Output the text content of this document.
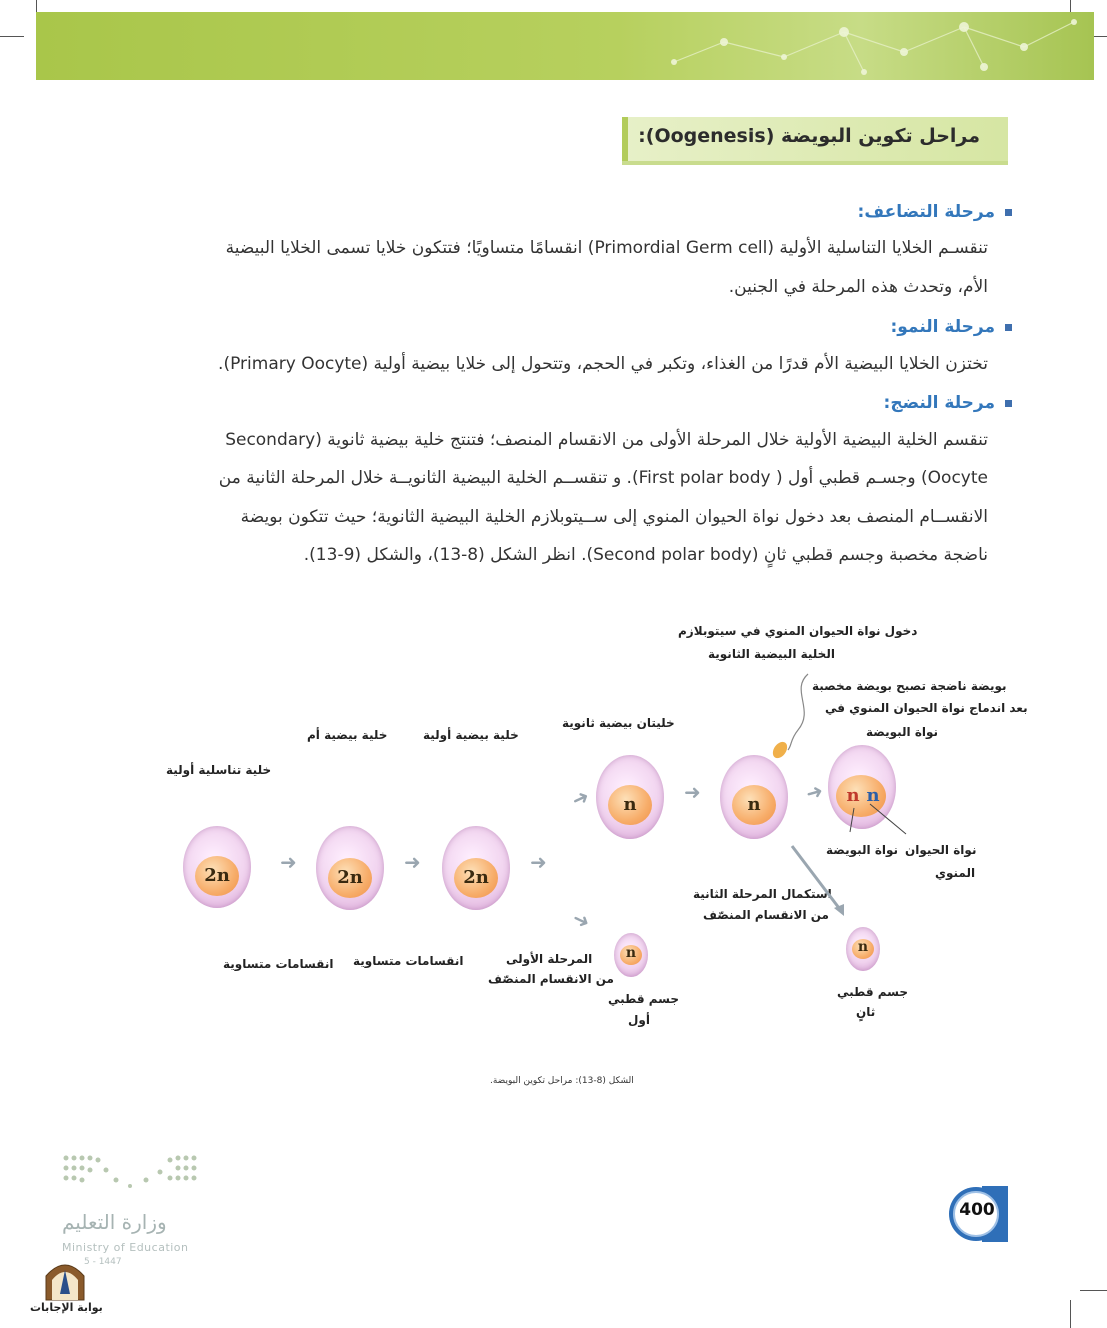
مراحل تكوين البويضة (Oogenesis):
مرحلة التضاعف:
تنقسـم الخلايا التناسلية الأولية (Primordial Germ cell) انقسامًا متساويًا؛ فتتكون خلايا تسمى الخلايا البيضية
الأم، وتحدث هذه المرحلة في الجنين.
مرحلة النمو:
تختزن الخلايا البيضية الأم قدرًا من الغذاء، وتكبر في الحجم، وتتحول إلى خلايا بيضية أولية (Primary Oocyte).
مرحلة النضج:
تنقسم الخلية البيضية الأولية خلال المرحلة الأولى من الانقسام المنصف؛ فتنتج خلية بيضية ثانوية (Secondary
Oocyte) وجسـم قطبي أول ( First polar body). و تنقســم الخلية البيضية الثانويــة خلال المرحلة الثانية من
الانقســام المنصف بعد دخول نواة الحيوان المنوي إلى ســيتوبلازم الخلية البيضية الثانوية؛ حيث تتكون بويضة
ناضجة مخصبة وجسم قطبي ثانٍ (Second polar body). انظر الشكل (8-13)، والشكل (9-13).
دخول نواة الحيوان المنوي في سيتوبلازم
الخلية البيضية الثانوية
بويضة ناضجة تصبح بويضة مخصبة
بعد اندماج نواة الحيوان المنوي في
نواة البويضة
خليتان بيضية ثانوية
خلية بيضية أولية
خلية بيضية أم
خلية تناسلية أولية
2n
➜
2n
➜
2n
➜
➜	n
➜
n	➜	n n
نواة البويضة نواة الحيوان
المنوي
استكمال المرحلة الثانية
من الانقسام المنصّف
n
جسم قطبي
ثانٍ
➜
n
جسم قطبي
أول
المرحلة الأولى
من الانقسام المنصّف
انقسامات متساوية
انقسامات متساوية
الشكل (8-13): مراحل تكوين البويضة.
وزارة التعليم
Ministry of Education
5 - 1447
بوابة الإجابات
400
